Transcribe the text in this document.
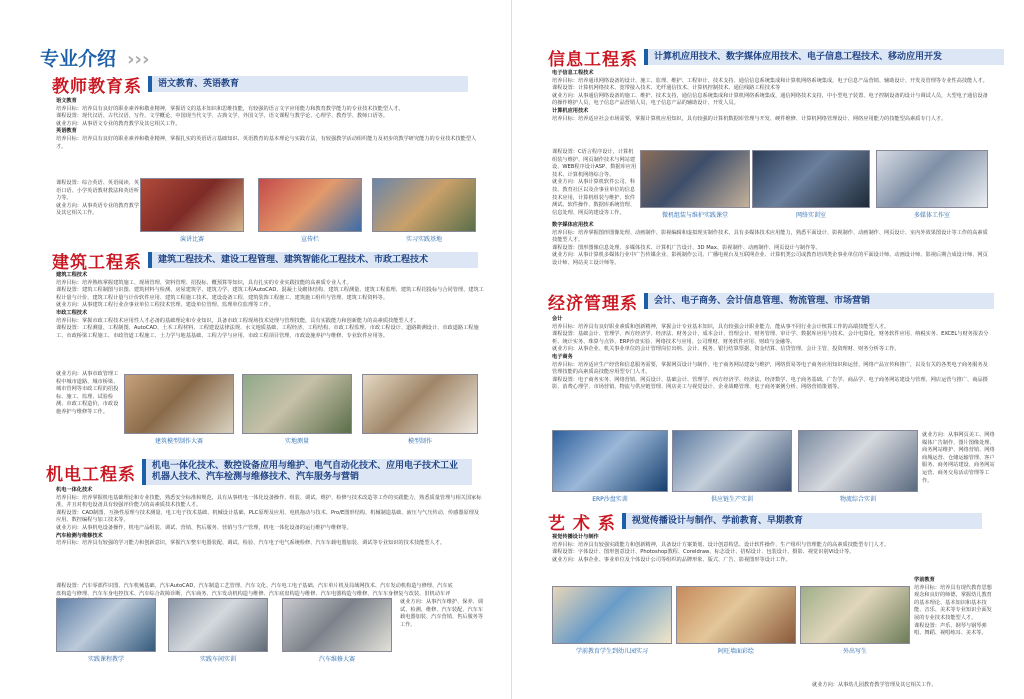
专业介绍 ›››
教师教育系	语文教育、英语教育

语文教育

培养目标：培养具有良好的职业素养和敬业精神，掌握语文的基本知识和思维技能，有较强的语言文字应用能力和教育教学能力的专业技术技能型人才。

课程设置：现代汉语、古代汉语、写作、文学概论、中国现当代文学、古典文学、外国文学、语文课程与教学论、心理学、教育学、教师口语等。

就业方向：从事语文专业的教育教学及其它相关工作。

英语教育

培养目标：培养具有良好的职业素养和敬业精神，掌握扎实的英语语言基础知识、英语教育的基本理论与实践方法，有较强教学活动组织能力及初步的教学研究能力的专业技术技能型人才。

课程设置：综合英语、英语阅读、英语口语、小学英语教材教法和英语听力等。

就业方向：从事英语专业的教育教学及其它相关工作。

演讲比赛	宣传栏	实习实践基地
建筑工程系	建筑工程技术、建设工程管理、建筑智能化工程技术、市政工程技术

建筑工程技术

培养目标：培养熟练掌握建筑施工、现场管理、资料管理、招投标、概预算等知识，具有扎实的专业实践技能的高素质专业人才。

课程设置：建筑工程制图与识图、建筑材料与检测、房屋建筑学、建筑力学、建筑工程AutoCAD、混凝土及砌体结构、建筑工程测量、建筑工程监理、建筑工程招投标与合同管理、建筑工程计量与计价、建筑工程计量与计价软件应用、建筑工程施工技术、建设设备工程、建筑装饰工程施工、建筑施工组织与管理、建筑工程资料等。

就业方向：从事建筑工程行业企事业单位工程技术管理、建设单位管理、监理单位监理等工作。

市政工程技术

培养目标：掌握市政工程技术应用性人才必备的基础理论和专业知识，具备市政工程现场技术处理与管理技能，具有实践能力和创新能力的高素质技能型人才。

课程设置：工程测量、工程制图、AutoCAD、土木工程材料、工程建设法律法规、水文地质基础、工程经济、工程结构、市政工程监理、市政工程设计、道路勘测设计、市政道路工程施工、市政桥梁工程施工、市政管道工程施工、土力学与地基基础、工程力学与应用、市政工程项目管理、市政设施养护与维修、专业软件应用等。

就业方向：从事市政管理工程中城市道路、城市桥梁、城市管网等市政工程的招投标、施工、监理、试验检测、市政工程造价，市政设施养护与维修等工作。

建筑模型制作大赛	实地测量	模型制作
机电工程系	机电一体化技术、数控设备应用与维护、电气自动化技术、应用电子技术工业机器人技术、汽车检测与维修技术、汽车服务与营销

机电一体化技术

培养目标：培养掌握机电基础理论和专业技能，熟悉安全标准和规范，具有从事机电一体化设备操作、组装、调试、维护、检修与技术改造等工作的实践能力，熟悉质量管理与相关国家标准，并且对机电设备具有较强评价能力的高素质技术技能人才。

课程设置：CAD制图、互换性原理与技术测量、电工电子技术基础、机械设计基础、PLC原理及应用、电机拖动与技术、Pro/E图形结构、机械制造基础、液压与气压传动、传感器原理及应用、数控编程与加工技术等。

就业方向：从事机电设备操作，机电产品组装、调试、营销、售后服务、营销与生产管理，机电一体化设备的运行维护与维修等。

汽车检测与维修技术

培养目标：培养具有较强的学习能力和创新意识，掌握汽车整车电器装配、调试、检验、汽车电子电气系统检修、汽车车载电器加装、调试等专业知识的技术技能型人才。

课程设置：汽车零部件识图、汽车机械基础、汽车AutoCAD、汽车制造工艺管理、汽车文化、汽车电工电子基础、汽车单片机及局域网技术、汽车发动机构造与修理、汽车底盘构造与修理、汽车车身电控技术、汽车综合故障诊断、汽车商务、汽车发动机构造与维修、汽车底盘构造与维修、汽车电器构造与维修、汽车车身修复与改装、旧机动车评

实践课程教学	实践车间实训	汽车维修大赛

就业方向：从事汽车维护、保养、调试、检测、维修、汽车装配、汽车车载电器加装、汽车营销、售后服务等工作。

信息工程系	计算机应用技术、数字媒体应用技术、电子信息工程技术、移动应用开发

电子信息工程技术

培养目标：培养通讯网络设备的设计、施工、监理、维护、工程审计、技术支持、通信信息系统集成和计算机网络系统集成，电子信息产品营销、辅助设计、开发及管理等专业性高技能人才。

课程设置：计算机网络技术、宽带接入技术、光纤通信技术、计算机控制技术、通信线路工程技术等

就业方向：从事通信网络设备的施工、维护、技术支持，通信信息系统集成和计算机网络系统集成，通信网络技术支持，中小型电子装置、电子控制设备的设计与调试人员，大型电子通信设备的操作维护人员，电子信息产品营销人员，电子信息产品的辅助设计、开发人员。

计算机应用技术

培养目标：培养适应社会市场需要，掌握计算机应用知识，具有较强的计算机数据库管理与开发、硬件维修、计算机网络管理设计、网络应用能力的技能型高素质专门人才。

课程设置：C语言程序设计、计算机组装与维护、网页制作技术与网站建设、WEB程序设计ASP、数据库应用技术、计算机网络综合等。

就业方向：从事计算机软件公司、科技、教育社区以及企事业单位的信息技术应用，计算机组装与维护、软件测试、软件操作、数据库系统管理、信息处理、网页的建设等工作。	微机组装与维护实践课堂	网络实训室	多媒体工作室

数字媒体应用技术

培养目标：培养掌握图形图像处理、动画制作、影视编辑和虚拟现实制作技术，具有多媒体技术应用能力，熟悉平面设计、影视制作、动画制作、网页设计、室内外效果图设计等工作的高素质技能型人才。

课程设置：图形图像信息处理、多媒体技术、计算机广告设计、3D Max、影视制作、动画制作、网页设计与制作等。

就业方向：从事计算机多媒体行业中广告传媒企业、影视制作公司、广播电视台及互联网企业、计算机类公司或教育培训类企事业单位的平面设计师、动画设计师、影视后期合成设计师、网页设计师、网站美工设计师等。

经济管理系	会计、电子商务、会计信息管理、物流管理、市场营销

会计

培养目标：培养具有良好职业素质和创新精神，掌握会计专业基本知识，具有较强会计职业能力，能从事不同行业会计核算工作的高端技能型人才。

课程设置：基础会计、管理学、西方经济学、经济法、财务会计、成本会计、管理会计、财务管理、审计学、数据库应用与技术、会计电算化、财务软件应用、纳税实务、EXCEL与财务报表分析、统计实务、珠算与点钞、ERP沙盘实验、网络技术与应用、公司理财、财务软件应用、财政与金融等。

就业方向：从事企业、机关事业单位的会计管理岗位出纳、会计、税务、银行结算票据、资金结算、信贷管理、会计主管、投资理财、财务分析等工作。

电子商务

培养目标：培养适应生产经营和信息服务需要，掌握网页设计与制作、电子商务网站建设与维护，网络贸易等电子商务应用知识和运营、网络产品宣传和推广，以及有关的各类电子商务服务及管理技能的高素质高技能应用型专门人才。

课程设置：电子商务实务、网络营销、网页设计、基础会计、管理学、西方经济学、经济法、经济数学、电子商务基础、广告学、商品学、电子商务网站建设与管理、网店运营与推广、商品摄影、消费心理学、市场营销、物流与供应链管理、网店美工与视觉设计、企业战略管理、电子商务案例分析、网络营销策划等。

ERP沙盘实训	供应链生产实训	物流综合实训

就业方向：从事网页美工、网络媒体广告制作、图片图像处理、商务网站维护、网络营销、网络商城运营、仓储运输管理、客户服务、商务网站建设、商务网站运营、商务交易活动管理等工作。

艺 术 系	视觉传播设计与制作、学前教育、早期教育

视觉传播设计与制作

培养目标：培养具有较强实践能力和创新精神，具备设计方案策划、设计创意构思、设计软件操作、生产组织与管理能力的高素质技能型专门人才。

课程设置：字体设计、图形创意设计、Photoshop教程、Coreldraw、标志设计、招贴设计、包装设计、摄影、视觉识别VI设计等。

就业方向：从事企业、事业单位及个体设计公司等组织的品牌形象、版式、广告、影视图形等设计工作。

学前教育学生到幼儿园实习	阿旺墙面彩绘	外出写生

学前教育

培养目标：培养具有现代教育思想观念和良好的师德，掌握幼儿教育的基本理论、基本知识和基本技能，音乐、美术等专业知识全面发展的专业技术技能型人才。

课程设置：声乐、钢琴与钢琴弹唱、舞蹈、视唱练耳、美术等。

就业方向：从事幼儿园教育教学管理及其它相关工作。
